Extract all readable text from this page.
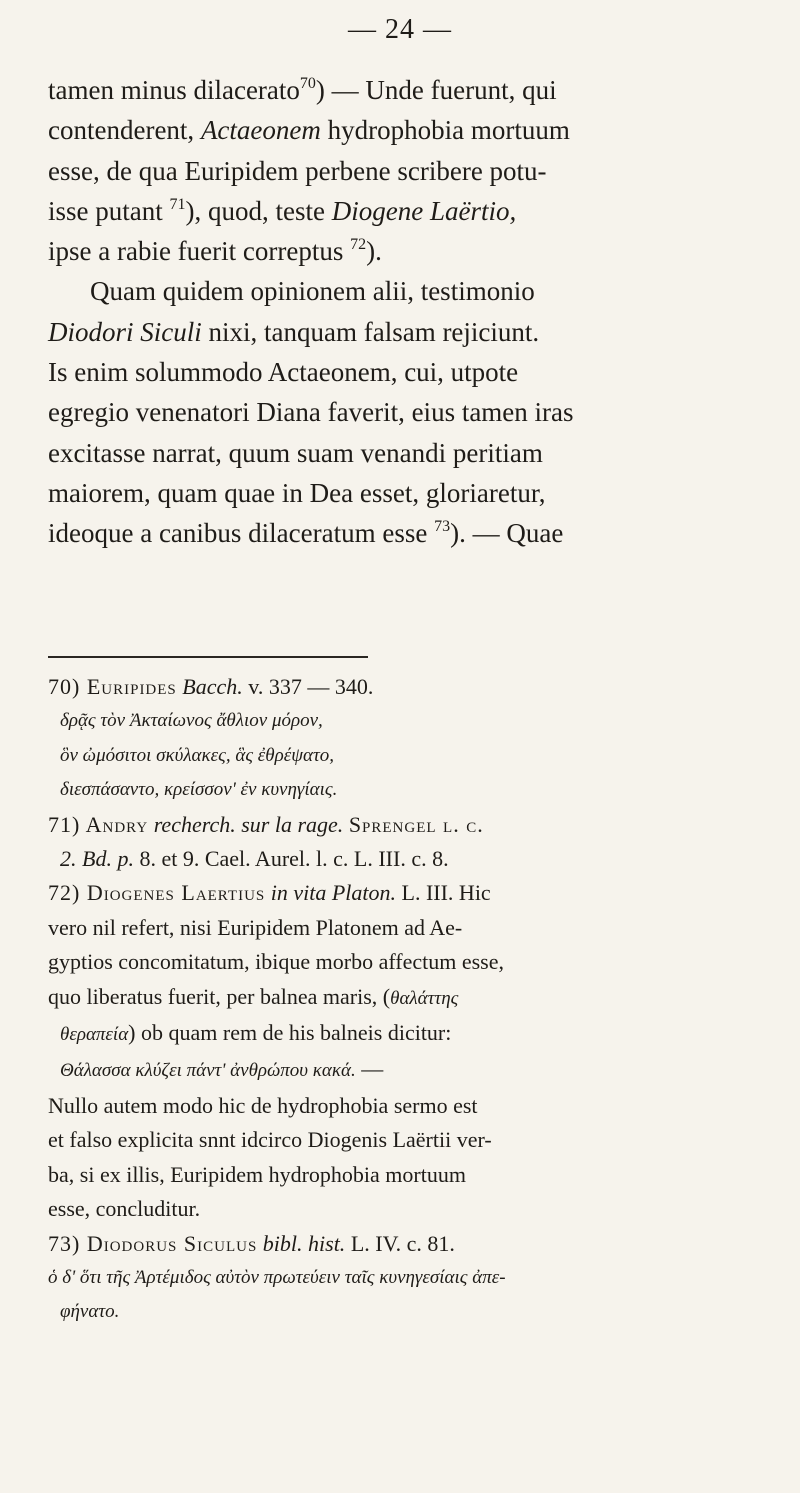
— 24 —
tamen minus dilacerato$^{70}$) — Unde fuerunt, qui
contenderent, Actaeonem hydrophobia mortuum
esse, de qua Euripidem perbene scribere potu-
isse putant $^{71}$), quod, teste Diogene Laërtio,
ipse a rabie fuerit correptus $^{72}$).
Quam quidem opinionem alii, testimonio
Diodori Siculi nixi, tanquam falsam rejiciunt.
Is enim solummodo Actaeonem, cui, utpote
egregio venenatori Diana faverit, eius tamen iras
excitasse narrat, quum suam venandi peritiam
maiorem, quam quae in Dea esset, gloriaretur,
ideoque a canibus dilaceratum esse $^{73}$). — Quae
70) Euripides Bacch. v. 337 — 340.
δρᾷς τὸν Ἀκταίωνος ἄθλιον μόρον,
ὃν ὠμόσιτοι σκύλακες, ἃς ἐθρέψατο,
διεσπάσαντο, κρείσσον' ἐν κυνηγίαις.
71) Andry recherch. sur la rage. Sprengel l. c.
2. Bd. p. 8. et 9. Cael. Aurel. l. c. L. III. c. 8.
72) Diogenes Laertius in vita Platon. L. III. Hic
vero nil refert, nisi Euripidem Platonem ad Ae-
gyptios concomitatum, ibique morbo affectum esse,
quo liberatus fuerit, per balnea maris, (θαλάττης
θεραπεία) ob quam rem de his balneis dicitur:
Θάλασσα κλύζει πάντ' ἀνθρώπου κακά. —
Nullo autem modo hic de hydrophobia sermo est
et falso explicita snnt idcirco Diogenis Laërtii ver-
ba, si ex illis, Euripidem hydrophobia mortuum
esse, concluditur.
73) Diodorus Siculus bibl. hist. L. IV. c. 81.
ὁ δ' ὅτι τῆς Ἀρτέμιδος αὐτὸν πρωτεύειν ταῖς κυνηγεσίαις ἀπε-
φήνατο.
